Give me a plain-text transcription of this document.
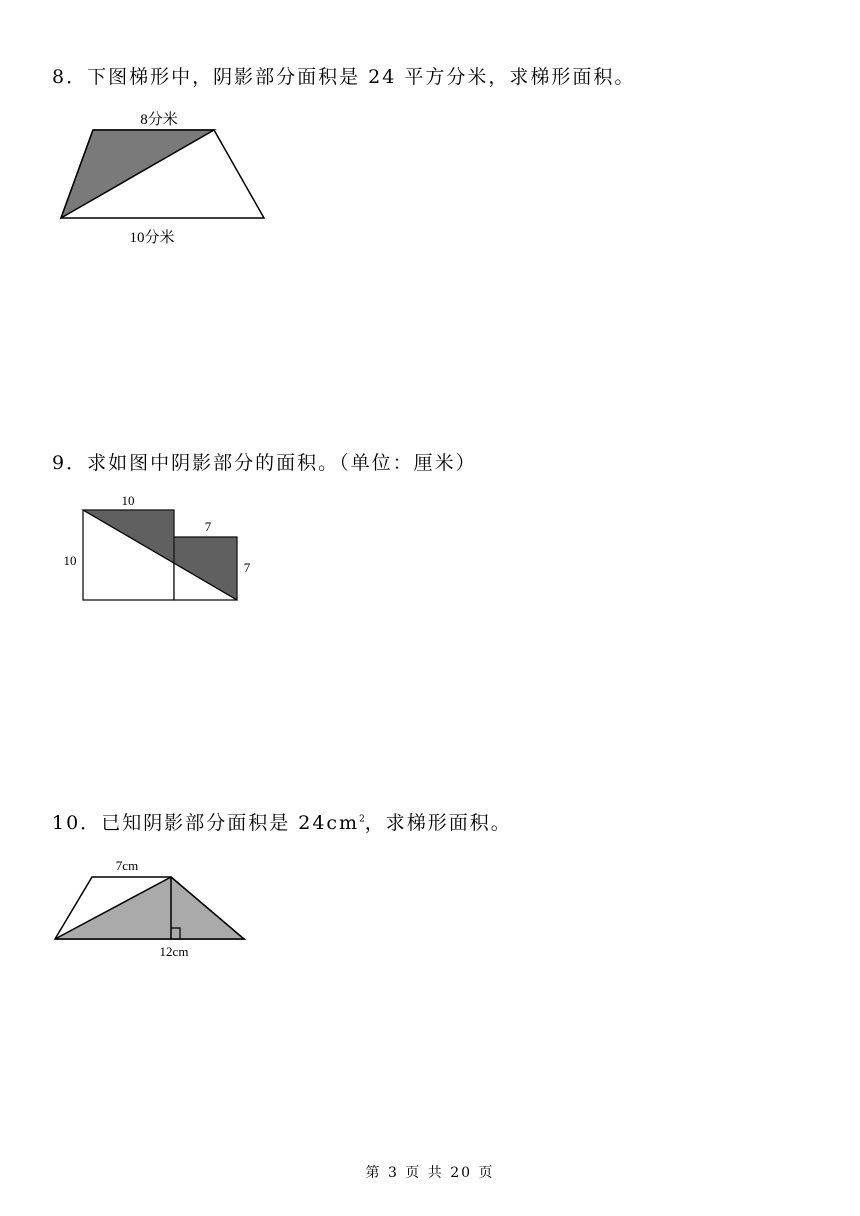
8．下图梯形中，阴影部分面积是 24 平方分米，求梯形面积。
8分米
10分米
9．求如图中阴影部分的面积。（单位：厘米）
10
10
7
7
10．已知阴影部分面积是 $24cm^2$，求梯形面积。
7cm
12cm
第 3 页 共 20 页
